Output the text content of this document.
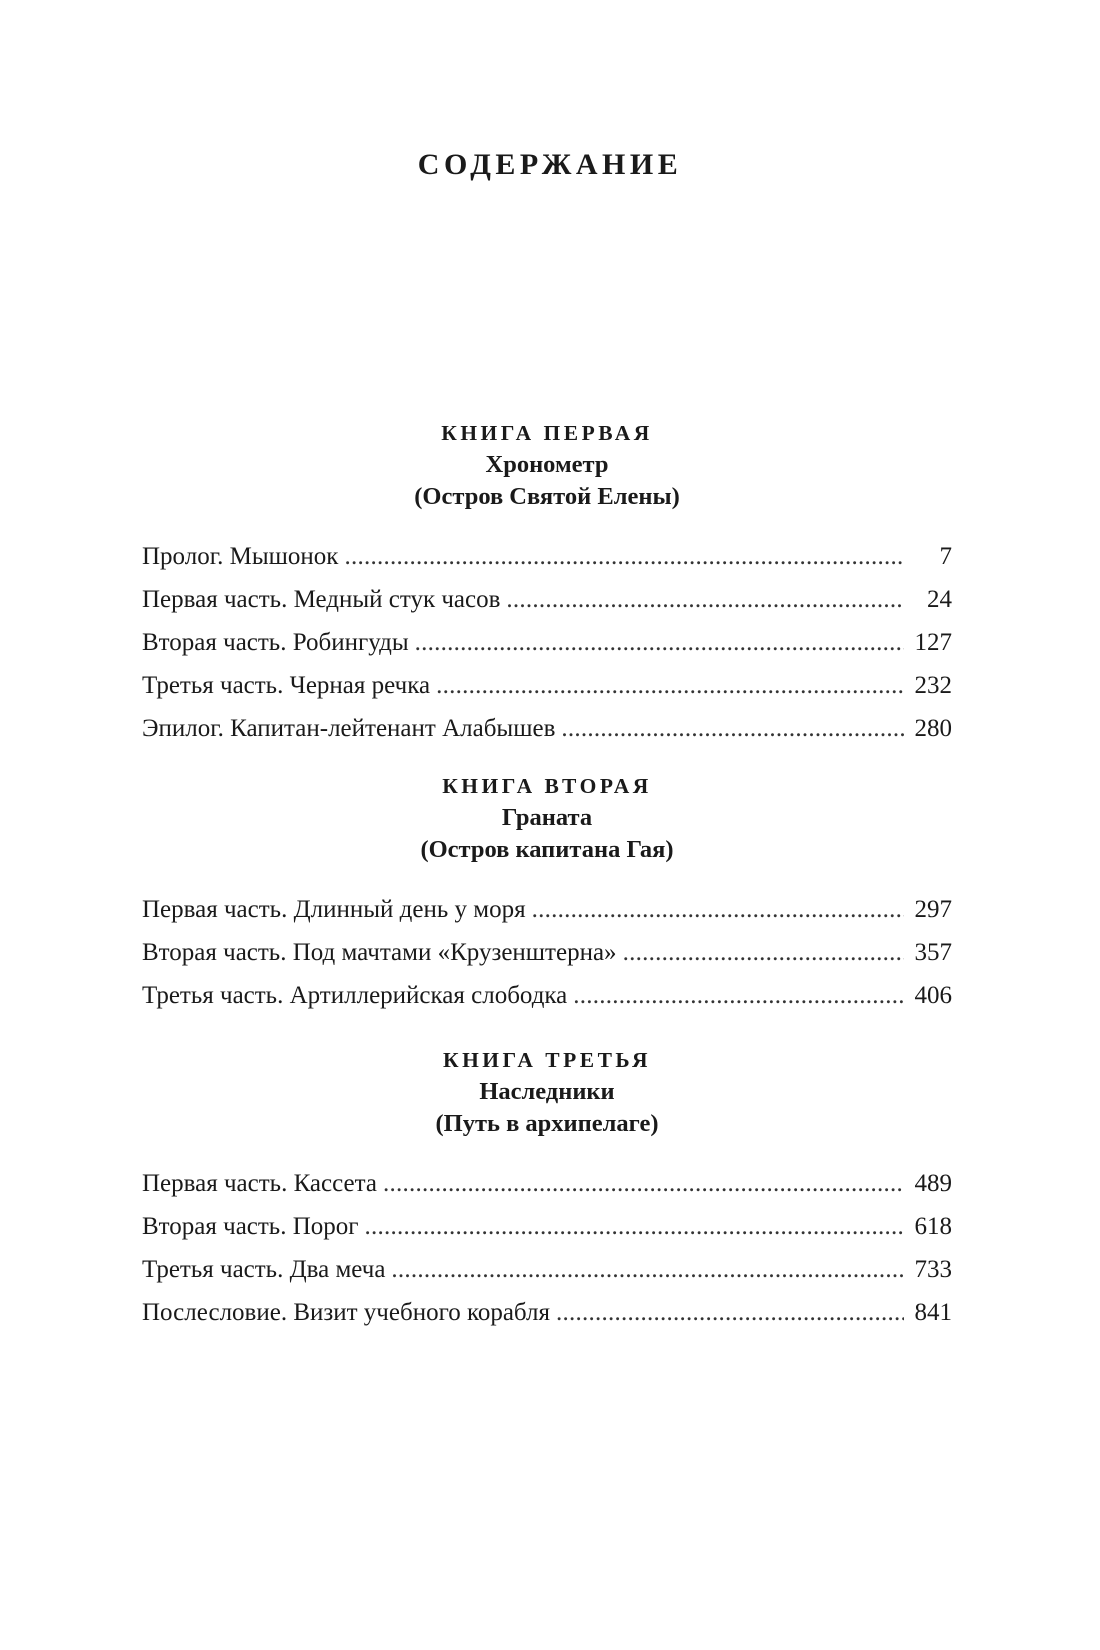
СОДЕРЖАНИЕ
КНИГА ПЕРВАЯ
Хронометр
(Остров Святой Елены)
Пролог. Мышонок . . .	7
Первая часть. Медный стук часов . . .	24
Вторая часть. Робингуды . . .	127
Третья часть. Черная речка . . .	232
Эпилог. Капитан-лейтенант Алабышев . . .	280
КНИГА ВТОРАЯ
Граната
(Остров капитана Гая)
Первая часть. Длинный день у моря . . .	297
Вторая часть. Под мачтами «Крузенштерна» . . .	357
Третья часть. Артиллерийская слободка . . .	406
КНИГА ТРЕТЬЯ
Наследники
(Путь в архипелаге)
Первая часть. Кассета . . .	489
Вторая часть. Порог . . .	618
Третья часть. Два меча . . .	733
Послесловие. Визит учебного корабля . . .	841
